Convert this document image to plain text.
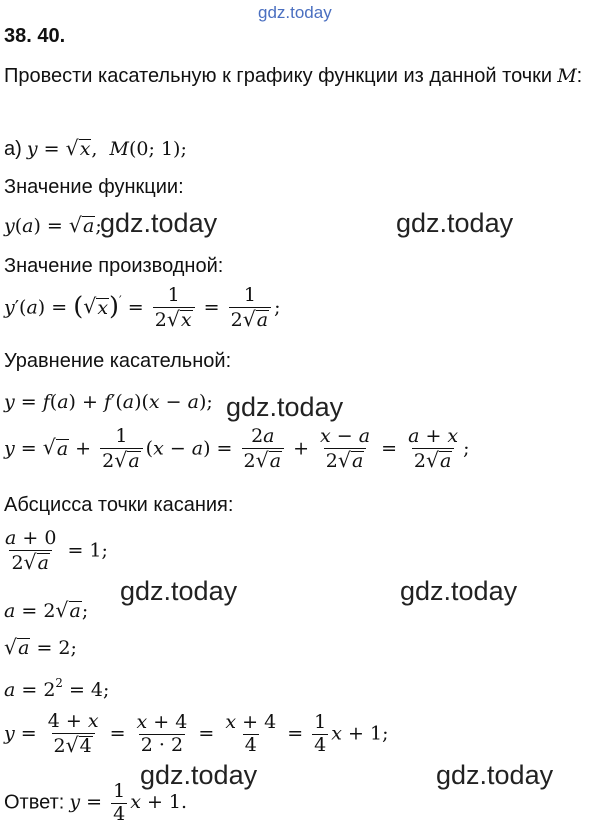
gdz.today
38. 40.
Провести касательную к графику функции из данной точки M:
а) y = √ x ,  M(0; 1);
Значение функции:
y(a) = √ a ;
gdz.today	gdz.today
Значение производной:
y′(a) = ( √ x )$' = \frac{1}{2 √ x} = \frac{1}{2 √ a}$ ;
Уравнение касательной:
y = f(a) + f′(a)(x − a); gdz.today
y = √ $a + \frac{1}{2 √ a} (x - a) = \frac{2a}{2 √ a} + \frac{x - a}{2 √ a} = \frac{a + x}{2 √ a}$ ;
Абсцисса точки касания:
$\frac{a + 0}{2 √ a} = 1$;
gdz.today	gdz.today
a = 2 √ a ;
√ a = 2;
$a = 2^2 = 4$;
$y = \frac{4 + x}{2 √ 4} = \frac{x + 4}{2 \cdot 2} = \frac{x + 4}{4} = \frac{1}{4}$ x + 1;
gdz.today	gdz.today
Ответ: $y = \frac{1}{4}$ x + 1.
